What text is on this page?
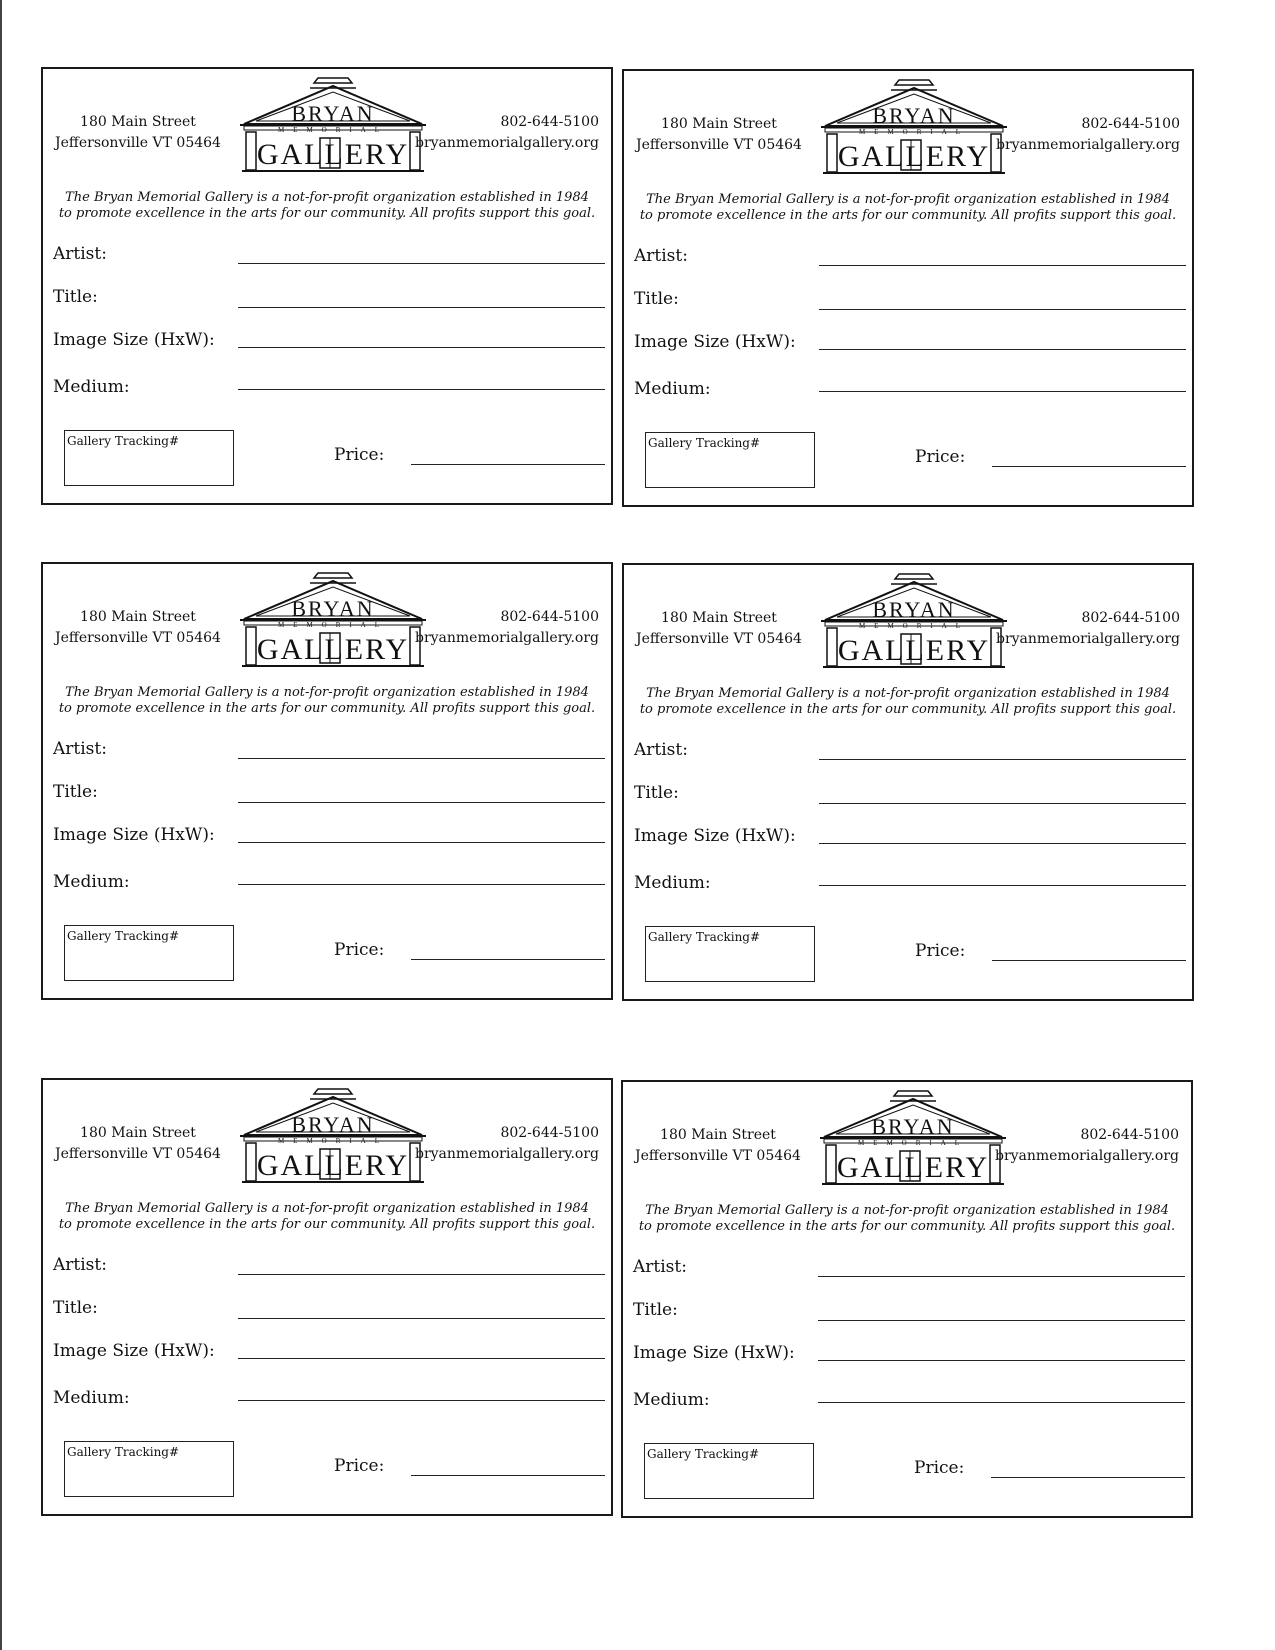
180 Main Street
Jeffersonville VT 05464
BRYAN
MEMORIAL
GALLERY
802-644-5100
bryanmemorialgallery.org
The Bryan Memorial Gallery is a not-for-profit organization established in 1984
to promote excellence in the arts for our community. All profits support this goal.
Artist:
Title:
Image Size (HxW):
Medium:
Gallery Tracking#
Price:
180 Main Street
Jeffersonville VT 05464
BRYAN
MEMORIAL
GALLERY
802-644-5100
bryanmemorialgallery.org
The Bryan Memorial Gallery is a not-for-profit organization established in 1984
to promote excellence in the arts for our community. All profits support this goal.
Artist:
Title:
Image Size (HxW):
Medium:
Gallery Tracking#
Price:
180 Main Street
Jeffersonville VT 05464
BRYAN
MEMORIAL
GALLERY
802-644-5100
bryanmemorialgallery.org
The Bryan Memorial Gallery is a not-for-profit organization established in 1984
to promote excellence in the arts for our community. All profits support this goal.
Artist:
Title:
Image Size (HxW):
Medium:
Gallery Tracking#
Price:
180 Main Street
Jeffersonville VT 05464
BRYAN
MEMORIAL
GALLERY
802-644-5100
bryanmemorialgallery.org
The Bryan Memorial Gallery is a not-for-profit organization established in 1984
to promote excellence in the arts for our community. All profits support this goal.
Artist:
Title:
Image Size (HxW):
Medium:
Gallery Tracking#
Price:
180 Main Street
Jeffersonville VT 05464
BRYAN
MEMORIAL
GALLERY
802-644-5100
bryanmemorialgallery.org
The Bryan Memorial Gallery is a not-for-profit organization established in 1984
to promote excellence in the arts for our community. All profits support this goal.
Artist:
Title:
Image Size (HxW):
Medium:
Gallery Tracking#
Price:
180 Main Street
Jeffersonville VT 05464
BRYAN
MEMORIAL
GALLERY
802-644-5100
bryanmemorialgallery.org
The Bryan Memorial Gallery is a not-for-profit organization established in 1984
to promote excellence in the arts for our community. All profits support this goal.
Artist:
Title:
Image Size (HxW):
Medium:
Gallery Tracking#
Price:
